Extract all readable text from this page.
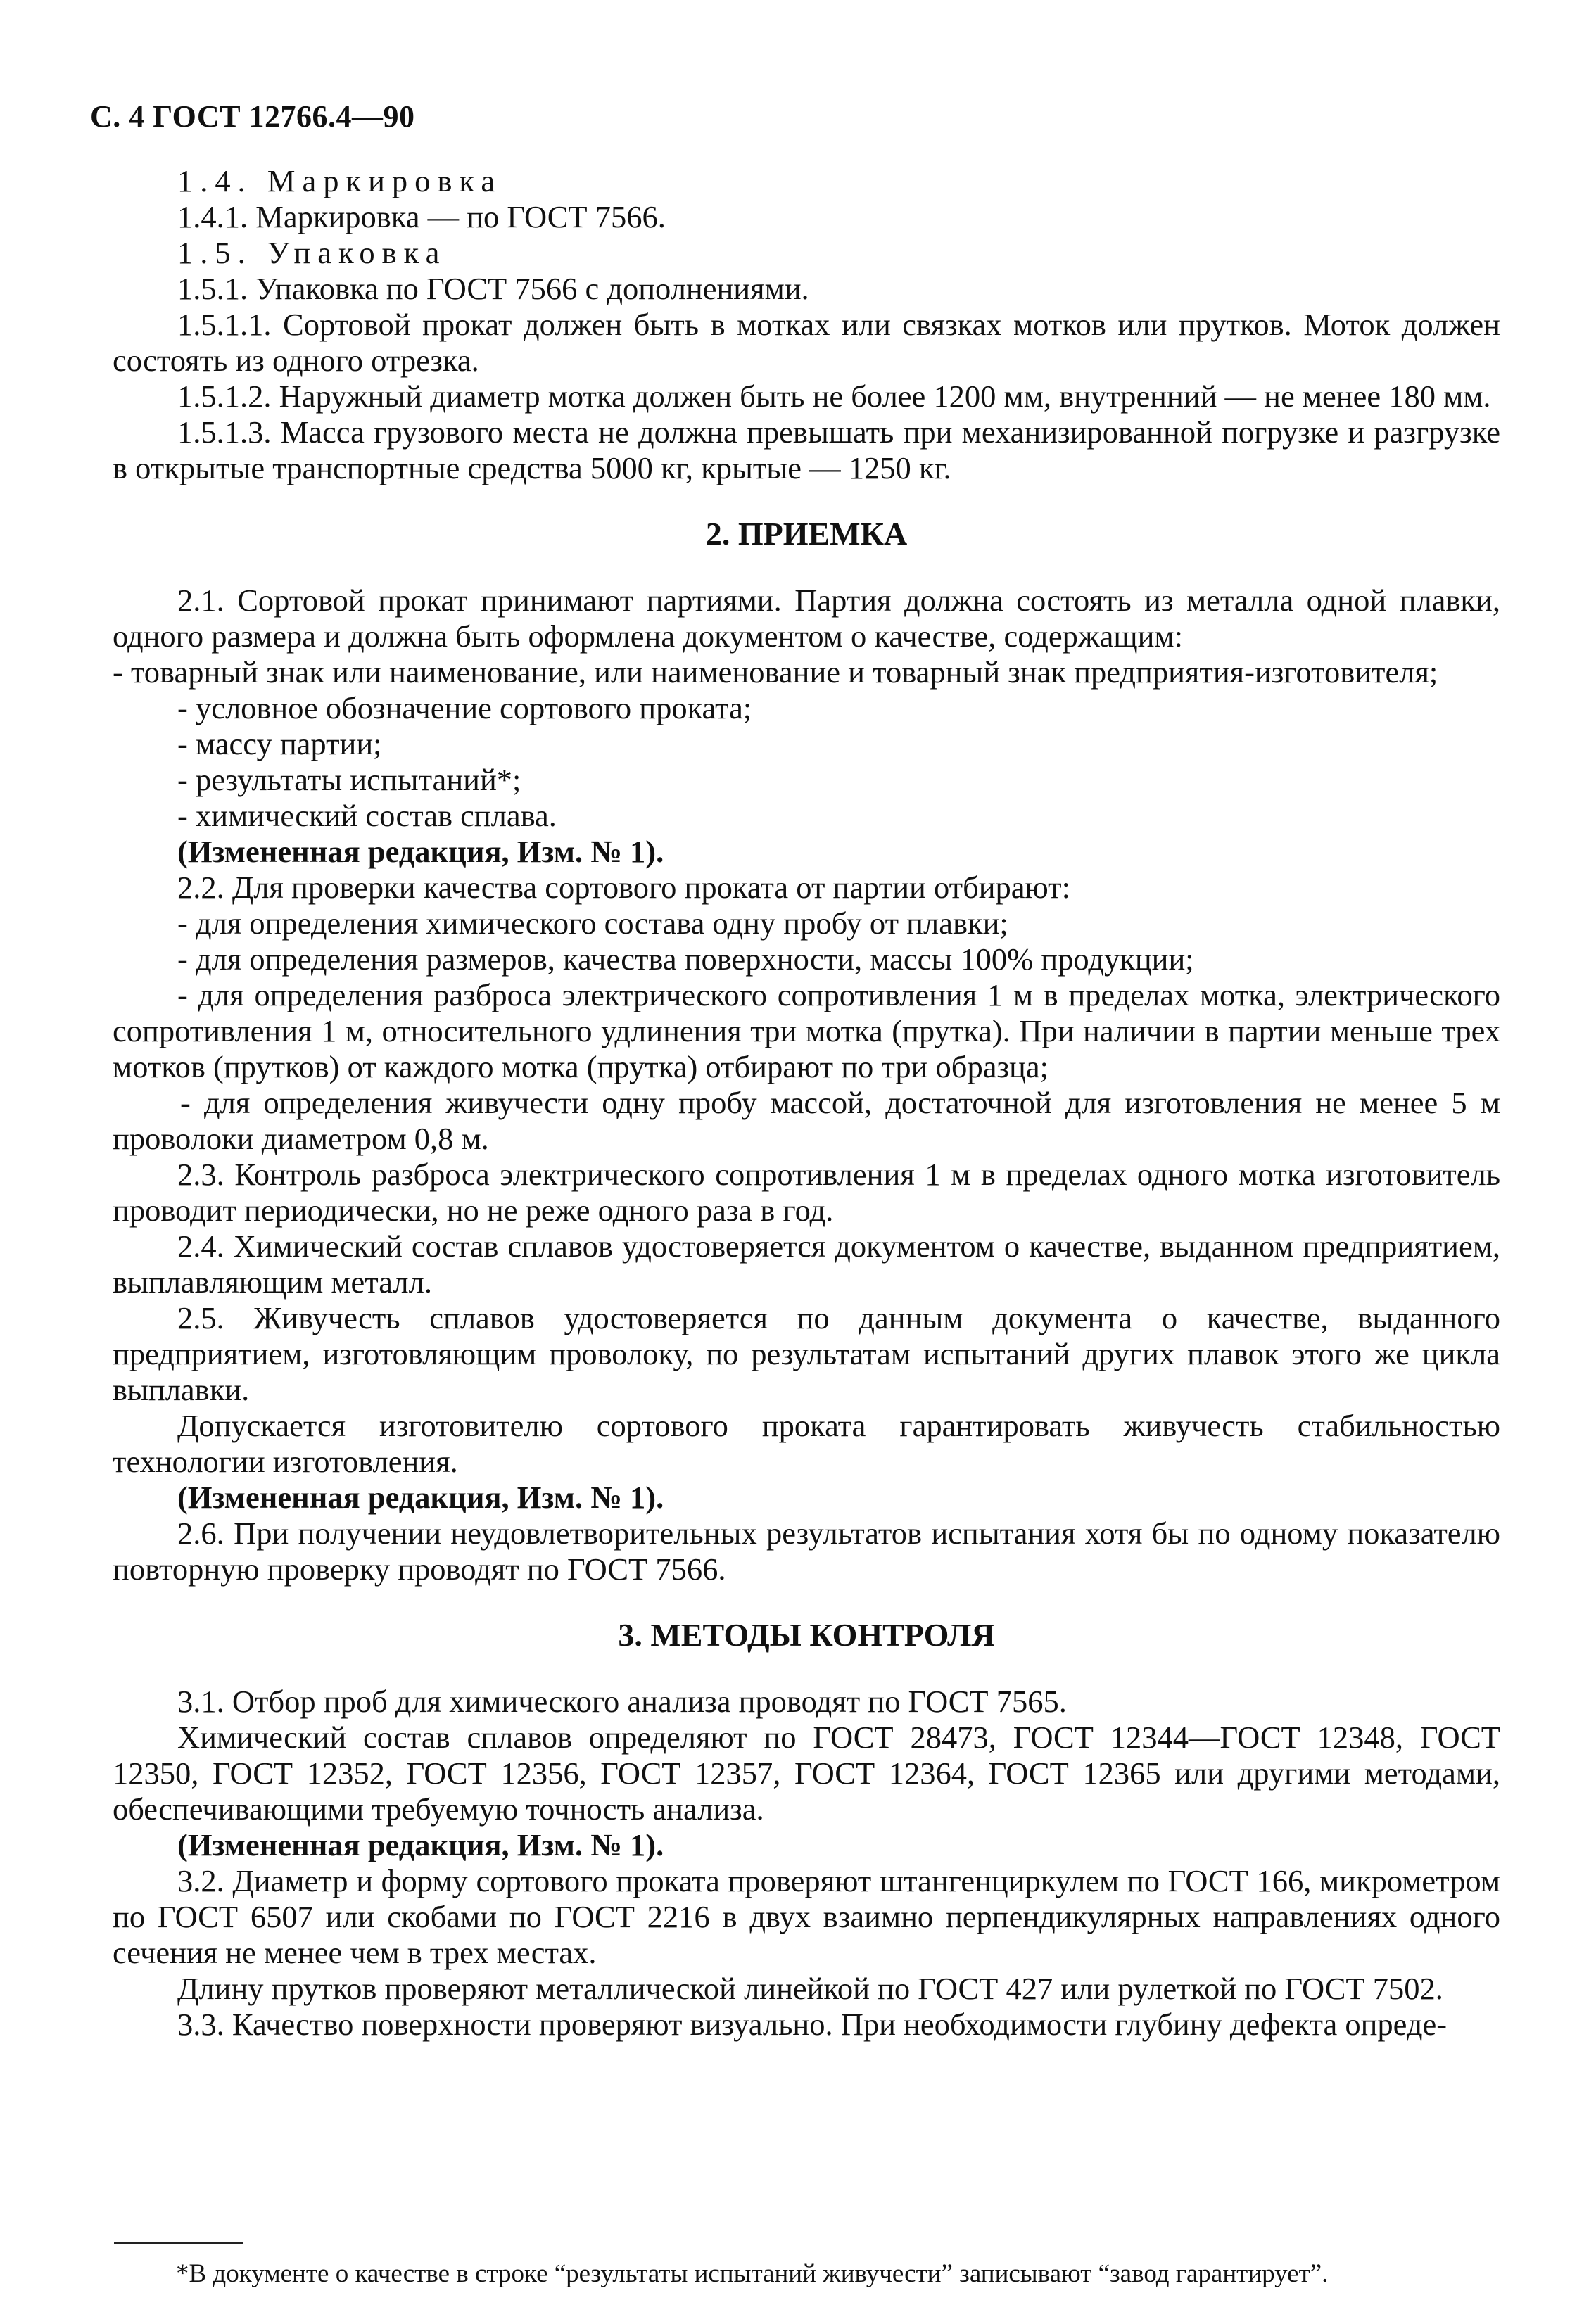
С. 4 ГОСТ 12766.4—90

1.4. Маркировка

1.4.1. Маркировка — по ГОСТ 7566.

1.5. Упаковка

1.5.1. Упаковка по ГОСТ 7566 с дополнениями.

1.5.1.1. Сортовой прокат должен быть в мотках или связках мотков или прутков. Моток должен состоять из одного отрезка.

1.5.1.2. Наружный диаметр мотка должен быть не более 1200 мм, внутренний — не менее 180 мм.

1.5.1.3. Масса грузового места не должна превышать при механизированной погрузке и разгрузке в открытые транспортные средства 5000 кг, крытые — 1250 кг.

2. ПРИЕМКА

2.1. Сортовой прокат принимают партиями. Партия должна состоять из металла одной плавки, одного размера и должна быть оформлена документом о качестве, содержащим:

- товарный знак или наименование, или наименование и товарный знак предприятия-изготовителя;

- условное обозначение сортового проката;

- массу партии;

- результаты испытаний*;

- химический состав сплава.

(Измененная редакция, Изм. № 1).

2.2. Для проверки качества сортового проката от партии отбирают:

- для определения химического состава одну пробу от плавки;

- для определения размеров, качества поверхности, массы 100% продукции;

- для определения разброса электрического сопротивления 1 м в пределах мотка, электрического сопротивления 1 м, относительного удлинения три мотка (прутка). При наличии в партии меньше трех мотков (прутков) от каждого мотка (прутка) отбирают по три образца;

- для определения живучести одну пробу массой, достаточной для изготовления не менее 5 м проволоки диаметром 0,8 м.

2.3. Контроль разброса электрического сопротивления 1 м в пределах одного мотка изготовитель проводит периодически, но не реже одного раза в год.

2.4. Химический состав сплавов удостоверяется документом о качестве, выданном предприятием, выплавляющим металл.

2.5. Живучесть сплавов удостоверяется по данным документа о качестве, выданного предприятием, изготовляющим проволоку, по результатам испытаний других плавок этого же цикла выплавки.

Допускается изготовителю сортового проката гарантировать живучесть стабильностью технологии изготовления.

(Измененная редакция, Изм. № 1).

2.6. При получении неудовлетворительных результатов испытания хотя бы по одному показателю повторную проверку проводят по ГОСТ 7566.

3. МЕТОДЫ КОНТРОЛЯ

3.1. Отбор проб для химического анализа проводят по ГОСТ 7565.

Химический состав сплавов определяют по ГОСТ 28473, ГОСТ 12344—ГОСТ 12348, ГОСТ 12350, ГОСТ 12352, ГОСТ 12356, ГОСТ 12357, ГОСТ 12364, ГОСТ 12365 или другими методами, обеспечивающими требуемую точность анализа.

(Измененная редакция, Изм. № 1).

3.2. Диаметр и форму сортового проката проверяют штангенциркулем по ГОСТ 166, микрометром по ГОСТ 6507 или скобами по ГОСТ 2216 в двух взаимно перпендикулярных направлениях одного сечения не менее чем в трех местах.

Длину прутков проверяют металлической линейкой по ГОСТ 427 или рулеткой по ГОСТ 7502.

3.3. Качество поверхности проверяют визуально. При необходимости глубину дефекта опреде-

*В документе о качестве в строке “результаты испытаний живучести” записывают “завод гарантирует”.
